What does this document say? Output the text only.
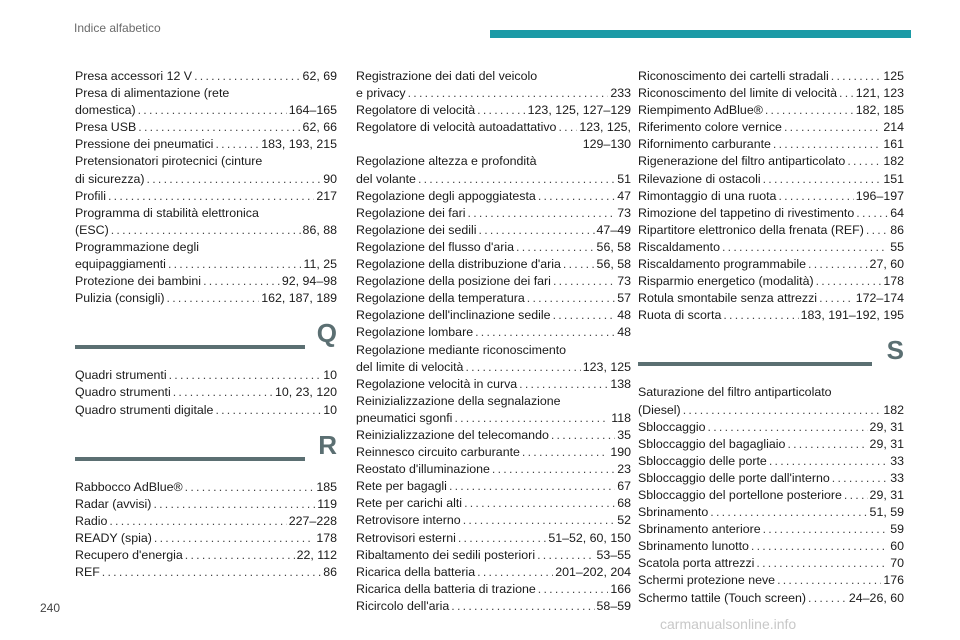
Indice alfabetico
Presa accessori 12 V . . .	62, 69
Presa di alimentazione (rete
domestica) . . .	164–165
Presa USB . . .	62, 66
Pressione dei pneumatici . . .	183, 193, 215
Pretensionatori pirotecnici (cinture
di sicurezza) . . .	90
Profili . . .	217
Programma di stabilità elettronica
(ESC) . . .	86, 88
Programmazione degli
equipaggiamenti . . .	11, 25
Protezione dei bambini . . .	92, 94–98
Pulizia (consigli) . . .	162, 187, 189
Q
Quadri strumenti . . .	10
Quadro strumenti . . .	10, 23, 120
Quadro strumenti digitale . . .	10
R
Rabbocco AdBlue® . . .	185
Radar (avvisi) . . .	119
Radio . . .	227–228
READY (spia) . . .	178
Recupero d'energia . . .	22, 112
REF . . .	86
Registrazione dei dati del veicolo
e privacy . . .	233
Regolatore di velocità . . .	123, 125, 127–129
Regolatore di velocità autoadattativo . . . 123, 125,
129–130
Regolazione altezza e profondità
del volante . . .	51
Regolazione degli appoggiatesta . . .	47
Regolazione dei fari . . .	73
Regolazione dei sedili . . .	47–49
Regolazione del flusso d'aria . . .	56, 58
Regolazione della distribuzione d'aria . . .	56, 58
Regolazione della posizione dei fari . . .	73
Regolazione della temperatura . . .	57
Regolazione dell'inclinazione sedile . . .	48
Regolazione lombare . . .	48
Regolazione mediante riconoscimento
del limite di velocità . . .	123, 125
Regolazione velocità in curva . . .	138
Reinizializzazione della segnalazione
pneumatici sgonfi . . .	118
Reinizializzazione del telecomando . . .	35
Reinnesco circuito carburante . . .	190
Reostato d'illuminazione . . .	23
Rete per bagagli . . .	67
Rete per carichi alti . . .	68
Retrovisore interno . . .	52
Retrovisori esterni . . .	51–52, 60, 150
Ribaltamento dei sedili posteriori . . .	53–55
Ricarica della batteria . . .	201–202, 204
Ricarica della batteria di trazione . . .	166
Ricircolo dell'aria . . .	58–59
Riconoscimento dei cartelli stradali . . .	125
Riconoscimento del limite di velocità . . . 121, 123
Riempimento AdBlue® . . .	182, 185
Riferimento colore vernice . . .	214
Rifornimento carburante . . .	161
Rigenerazione del filtro antiparticolato . . .	182
Rilevazione di ostacoli . . .	151
Rimontaggio di una ruota . . .	196–197
Rimozione del tappetino di rivestimento . . .	64
Ripartitore elettronico della frenata (REF) . . . 86
Riscaldamento . . .	55
Riscaldamento programmabile . . .	27, 60
Risparmio energetico (modalità) . . .	178
Rotula smontabile senza attrezzi . . .	172–174
Ruota di scorta . . .	183, 191–192, 195
S
Saturazione del filtro antiparticolato
(Diesel) . . .	182
Sbloccaggio . . .	29, 31
Sbloccaggio del bagagliaio . . .	29, 31
Sbloccaggio delle porte . . .	33
Sbloccaggio delle porte dall'interno . . .	33
Sbloccaggio del portellone posteriore . . . 29, 31
Sbrinamento . . .	51, 59
Sbrinamento anteriore . . .	59
Sbrinamento lunotto . . .	60
Scatola porta attrezzi . . .	70
Schermi protezione neve . . .	176
Schermo tattile (Touch screen) . . .	24–26, 60
240
carmanualsonline.info
